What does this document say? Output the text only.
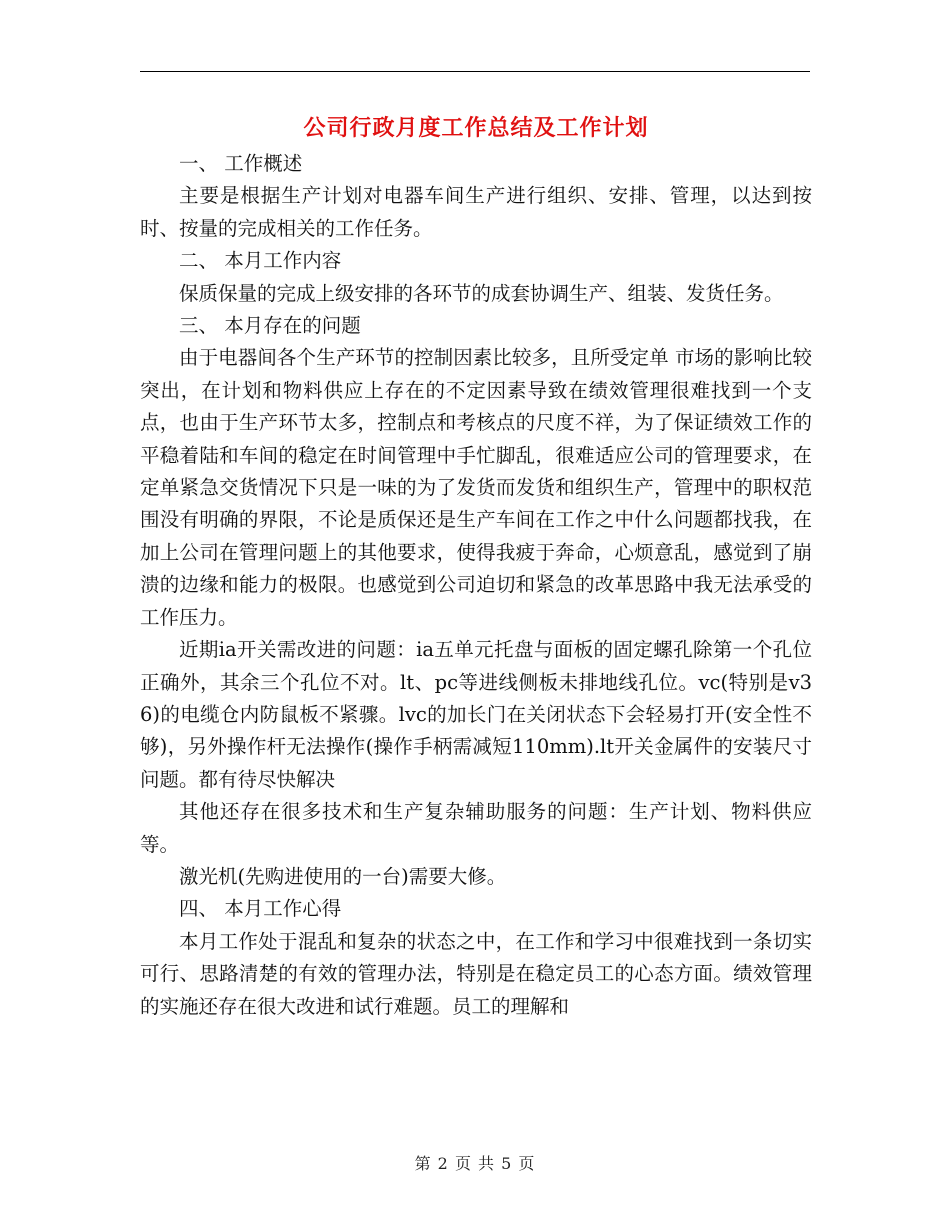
公司行政月度工作总结及工作计划

一、 工作概述

主要是根据生产计划对电器车间生产进行组织、安排、管理，以达到按时、按量的完成相关的工作任务。

二、 本月工作内容

保质保量的完成上级安排的各环节的成套协调生产、组装、发货任务。

三、 本月存在的问题

由于电器间各个生产环节的控制因素比较多，且所受定单 市场的影响比较突出，在计划和物料供应上存在的不定因素导致在绩效管理很难找到一个支点，也由于生产环节太多，控制点和考核点的尺度不祥，为了保证绩效工作的平稳着陆和车间的稳定在时间管理中手忙脚乱，很难适应公司的管理要求，在定单紧急交货情况下只是一味的为了发货而发货和组织生产，管理中的职权范围没有明确的界限，不论是质保还是生产车间在工作之中什么问题都找我，在加上公司在管理问题上的其他要求，使得我疲于奔命，心烦意乱，感觉到了崩溃的边缘和能力的极限。也感觉到公司迫切和紧急的改革思路中我无法承受的工作压力。

近期ia开关需改进的问题：ia五单元托盘与面板的固定螺孔除第一个孔位正确外，其余三个孔位不对。lt、pc等进线侧板未排地线孔位。vc(特别是v36)的电缆仓内防鼠板不紧骤。lvc的加长门在关闭状态下会轻易打开(安全性不够)，另外操作杆无法操作(操作手柄需减短110mm).lt开关金属件的安装尺寸问题。都有待尽快解决

其他还存在很多技术和生产复杂辅助服务的问题：生产计划、物料供应等。

激光机(先购进使用的一台)需要大修。

四、 本月工作心得

本月工作处于混乱和复杂的状态之中，在工作和学习中很难找到一条切实可行、思路清楚的有效的管理办法，特别是在稳定员工的心态方面。绩效管理的实施还存在很大改进和试行难题。员工的理解和

第 2 页 共 5 页
